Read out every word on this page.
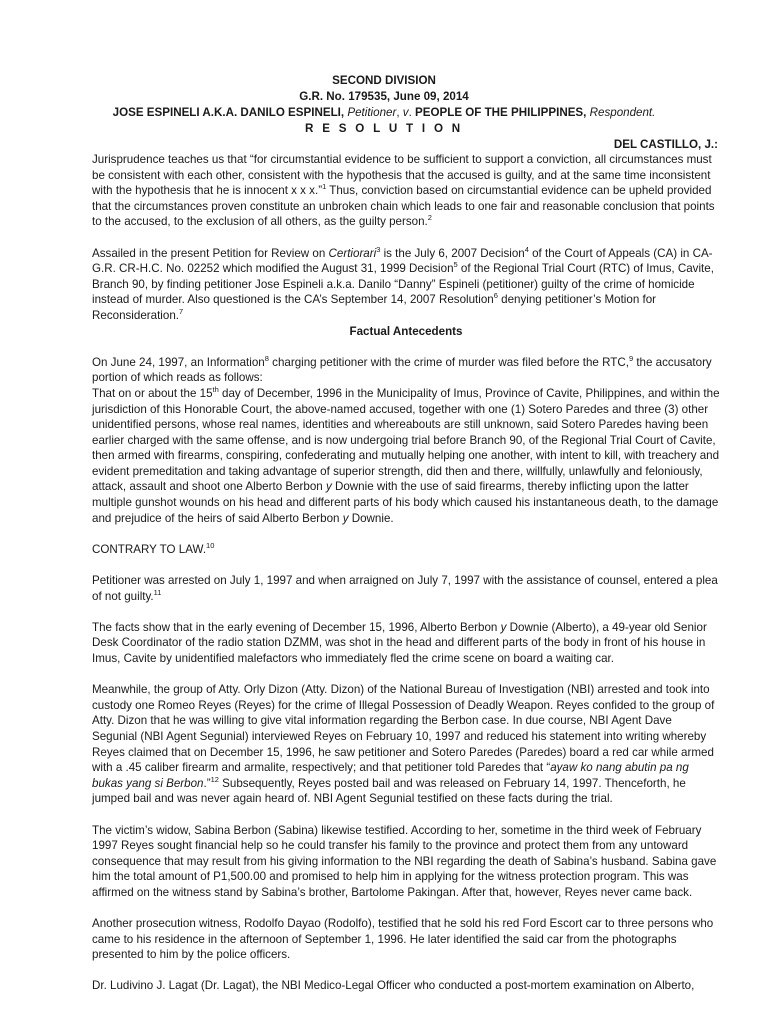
SECOND DIVISION
G.R. No. 179535, June 09, 2014
JOSE ESPINELI A.K.A. DANILO ESPINELI, Petitioner, v. PEOPLE OF THE PHILIPPINES, Respondent.
R E S O L U T I O N
DEL CASTILLO, J.:

Jurisprudence teaches us that “for circumstantial evidence to be sufficient to support a conviction, all circumstances must be consistent with each other, consistent with the hypothesis that the accused is guilty, and at the same time inconsistent with the hypothesis that he is innocent x x x.”$^1$ Thus, conviction based on circumstantial evidence can be upheld provided that the circumstances proven constitute an unbroken chain which leads to one fair and reasonable conclusion that points to the accused, to the exclusion of all others, as the guilty person.$^2$

Assailed in the present Petition for Review on Certiorari$^3$ is the July 6, 2007 Decision$^4$ of the Court of Appeals (CA) in CA-G.R. CR-H.C. No. 02252 which modified the August 31, 1999 Decision$^5$ of the Regional Trial Court (RTC) of Imus, Cavite, Branch 90, by finding petitioner Jose Espineli a.k.a. Danilo “Danny” Espineli (petitioner) guilty of the crime of homicide instead of murder. Also questioned is the CA’s September 14, 2007 Resolution$^6$ denying petitioner’s Motion for Reconsideration.$^7$

Factual Antecedents

On June 24, 1997, an Information$^8$ charging petitioner with the crime of murder was filed before the RTC,$^9$ the accusatory portion of which reads as follows:

That on or about the 15th day of December, 1996 in the Municipality of Imus, Province of Cavite, Philippines, and within the jurisdiction of this Honorable Court, the above-named accused, together with one (1) Sotero Paredes and three (3) other unidentified persons, whose real names, identities and whereabouts are still unknown, said Sotero Paredes having been earlier charged with the same offense, and is now undergoing trial before Branch 90, of the Regional Trial Court of Cavite, then armed with firearms, conspiring, confederating and mutually helping one another, with intent to kill, with treachery and evident premeditation and taking advantage of superior strength, did then and there, willfully, unlawfully and feloniously, attack, assault and shoot one Alberto Berbon y Downie with the use of said firearms, thereby inflicting upon the latter multiple gunshot wounds on his head and different parts of his body which caused his instantaneous death, to the damage and prejudice of the heirs of said Alberto Berbon y Downie.

CONTRARY TO LAW.$^{10}$

Petitioner was arrested on July 1, 1997 and when arraigned on July 7, 1997 with the assistance of counsel, entered a plea of not guilty.$^{11}$

The facts show that in the early evening of December 15, 1996, Alberto Berbon y Downie (Alberto), a 49-year old Senior Desk Coordinator of the radio station DZMM, was shot in the head and different parts of the body in front of his house in Imus, Cavite by unidentified malefactors who immediately fled the crime scene on board a waiting car.

Meanwhile, the group of Atty. Orly Dizon (Atty. Dizon) of the National Bureau of Investigation (NBI) arrested and took into custody one Romeo Reyes (Reyes) for the crime of Illegal Possession of Deadly Weapon. Reyes confided to the group of Atty. Dizon that he was willing to give vital information regarding the Berbon case. In due course, NBI Agent Dave Segunial (NBI Agent Segunial) interviewed Reyes on February 10, 1997 and reduced his statement into writing whereby Reyes claimed that on December 15, 1996, he saw petitioner and Sotero Paredes (Paredes) board a red car while armed with a .45 caliber firearm and armalite, respectively; and that petitioner told Paredes that “ayaw ko nang abutin pa ng bukas yang si Berbon.”$^{12}$ Subsequently, Reyes posted bail and was released on February 14, 1997. Thenceforth, he jumped bail and was never again heard of. NBI Agent Segunial testified on these facts during the trial.

The victim’s widow, Sabina Berbon (Sabina) likewise testified. According to her, sometime in the third week of February 1997 Reyes sought financial help so he could transfer his family to the province and protect them from any untoward consequence that may result from his giving information to the NBI regarding the death of Sabina’s husband. Sabina gave him the total amount of P1,500.00 and promised to help him in applying for the witness protection program. This was affirmed on the witness stand by Sabina’s brother, Bartolome Pakingan. After that, however, Reyes never came back.

Another prosecution witness, Rodolfo Dayao (Rodolfo), testified that he sold his red Ford Escort car to three persons who came to his residence in the afternoon of September 1, 1996. He later identified the said car from the photographs presented to him by the police officers.

Dr. Ludivino J. Lagat (Dr. Lagat), the NBI Medico-Legal Officer who conducted a post-mortem examination on Alberto,
